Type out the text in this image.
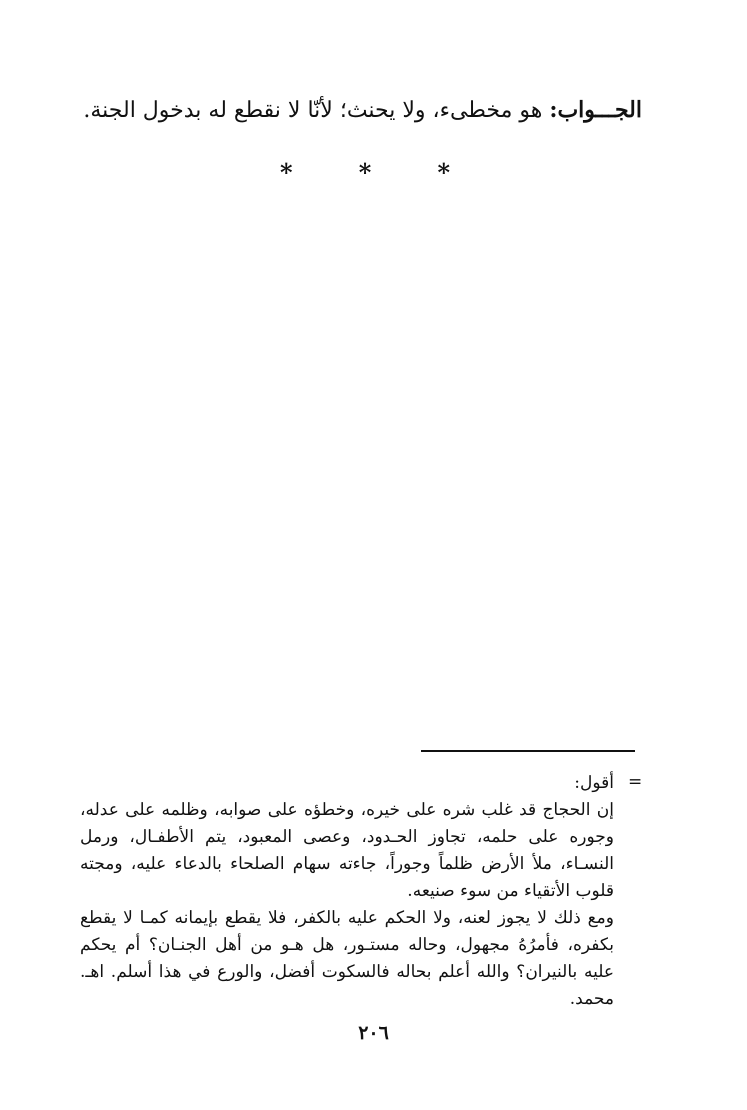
الجـــواب: هو مخطىء، ولا يحنث؛ لأنّا لا نقطع له بدخول الجنة.
*	*	*
=

أقول:

إن الحجاج قد غلب شره على خيره، وخطؤه على صوابه، وظلمه على عدله، وجوره على حلمه، تجاوز الحـدود، وعصى المعبود، يتم الأطفـال، ورمل النسـاء، ملأ الأرض ظلماً وجوراً، جاءته سهام الصلحاء بالدعاء عليه، ومجته قلوب الأتقياء من سوء صنيعه.

ومع ذلك لا يجوز لعنه، ولا الحكم عليه بالكفر، فلا يقطع بإيمانه كمـا لا يقطع بكفره، فأمرُهُ مجهول، وحاله مستـور، هل هـو من أهل الجنـان؟ أم يحكم عليه بالنيران؟ والله أعلم بحاله فالسكوت أفضل، والورع في هذا أسلم. اهـ. محمد.

٢٠٦
